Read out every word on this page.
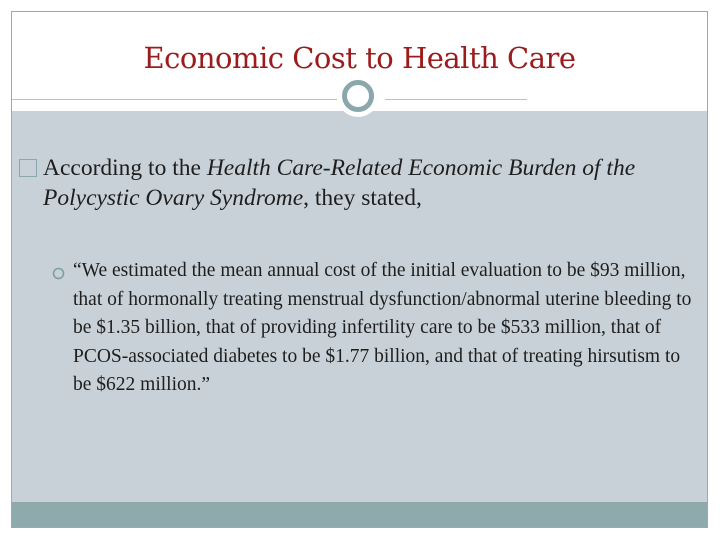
Economic Cost to Health Care
According to the Health Care-Related Economic Burden of the Polycystic Ovary Syndrome, they stated,
“We estimated the mean annual cost of the initial evaluation to be $93 million, that of hormonally treating menstrual dysfunction/abnormal uterine bleeding to be $1.35 billion, that of providing infertility care to be $533 million, that of PCOS-associated diabetes to be $1.77 billion, and that of treating hirsutism to be $622 million.”
